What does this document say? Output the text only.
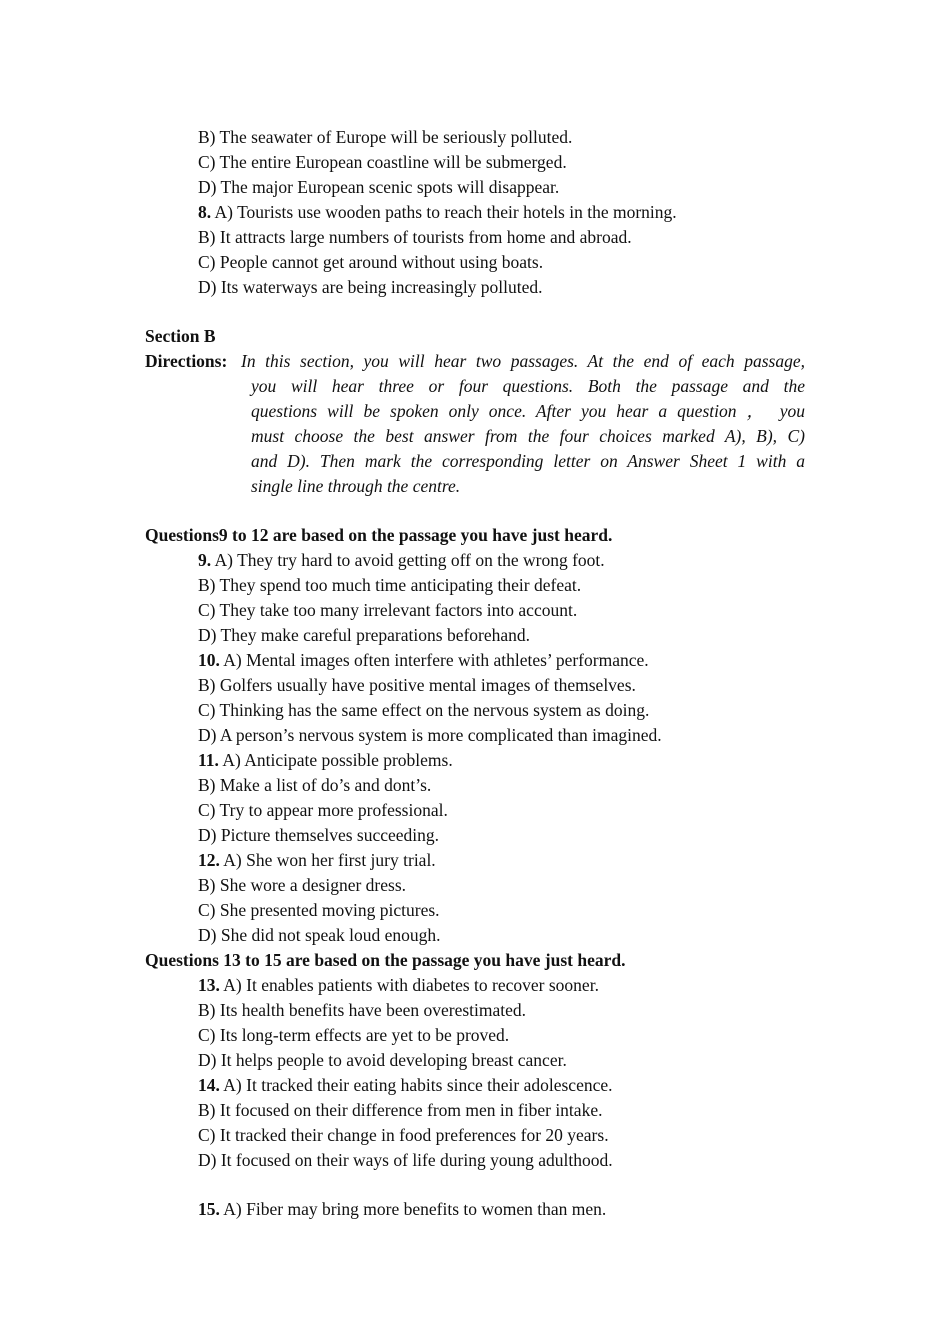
B) The seawater of Europe will be seriously polluted.
C) The entire European coastline will be submerged.
D) The major European scenic spots will disappear.
8. A) Tourists use wooden paths to reach their hotels in the morning.
B) It attracts large numbers of tourists from home and abroad.
C) People cannot get around without using boats.
D) Its waterways are being increasingly polluted.
Section B
Directions: In this section, you will hear two passages. At the end of each passage,
you will hear three or four questions. Both the passage and the
questions will be spoken only once. After you hear a question ， you
must choose the best answer from the four choices marked A), B), C)
and D). Then mark the corresponding letter on Answer Sheet 1 with a
single line through the centre.
Questions9 to 12 are based on the passage you have just heard.
9. A) They try hard to avoid getting off on the wrong foot.
B) They spend too much time anticipating their defeat.
C) They take too many irrelevant factors into account.
D) They make careful preparations beforehand.
10. A) Mental images often interfere with athletes’ performance.
B) Golfers usually have positive mental images of themselves.
C) Thinking has the same effect on the nervous system as doing.
D) A person’s nervous system is more complicated than imagined.
11. A) Anticipate possible problems.
B) Make a list of do’s and dont’s.
C) Try to appear more professional.
D) Picture themselves succeeding.
12. A) She won her first jury trial.
B) She wore a designer dress.
C) She presented moving pictures.
D) She did not speak loud enough.
Questions 13 to 15 are based on the passage you have just heard.
13. A) It enables patients with diabetes to recover sooner.
B) Its health benefits have been overestimated.
C) Its long-term effects are yet to be proved.
D) It helps people to avoid developing breast cancer.
14. A) It tracked their eating habits since their adolescence.
B) It focused on their difference from men in fiber intake.
C) It tracked their change in food preferences for 20 years.
D) It focused on their ways of life during young adulthood.
15. A) Fiber may bring more benefits to women than men.
